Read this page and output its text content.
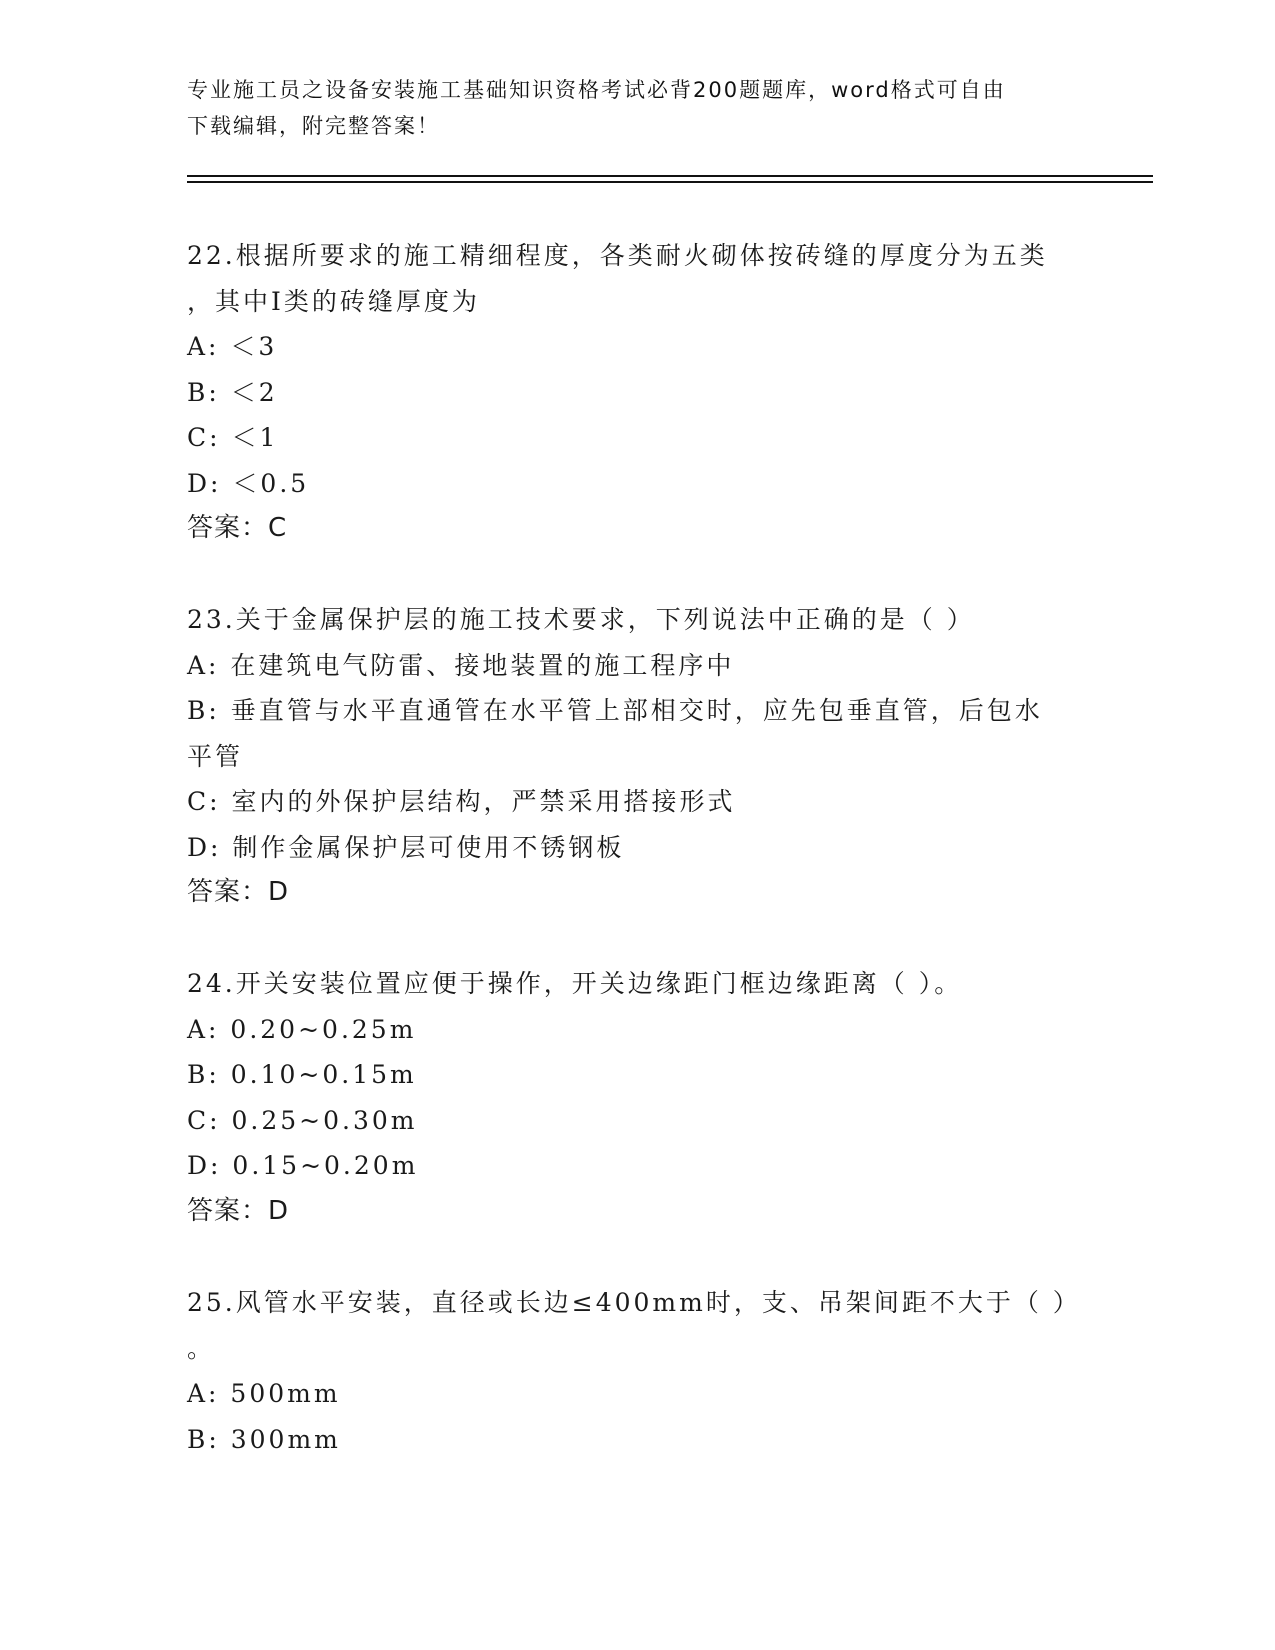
专业施工员之设备安装施工基础知识资格考试必背200题题库，word格式可自由
下载编辑，附完整答案！
22.根据所要求的施工精细程度，各类耐火砌体按砖缝的厚度分为五类
，其中Ⅰ类的砖缝厚度为
A: ＜3
B: ＜2
C: ＜1
D: ＜0.5
答案：C
23.关于金属保护层的施工技术要求，下列说法中正确的是（ ）
A: 在建筑电气防雷、接地装置的施工程序中
B: 垂直管与水平直通管在水平管上部相交时，应先包垂直管，后包水
平管
C: 室内的外保护层结构，严禁采用搭接形式
D: 制作金属保护层可使用不锈钢板
答案：D
24.开关安装位置应便于操作，开关边缘距门框边缘距离（ ）。
A: 0.20~0.25m
B: 0.10~0.15m
C: 0.25~0.30m
D: 0.15~0.20m
答案：D
25.风管水平安装，直径或长边≤400mm时，支、吊架间距不大于（ ）
。
A: 500mm
B: 300mm
